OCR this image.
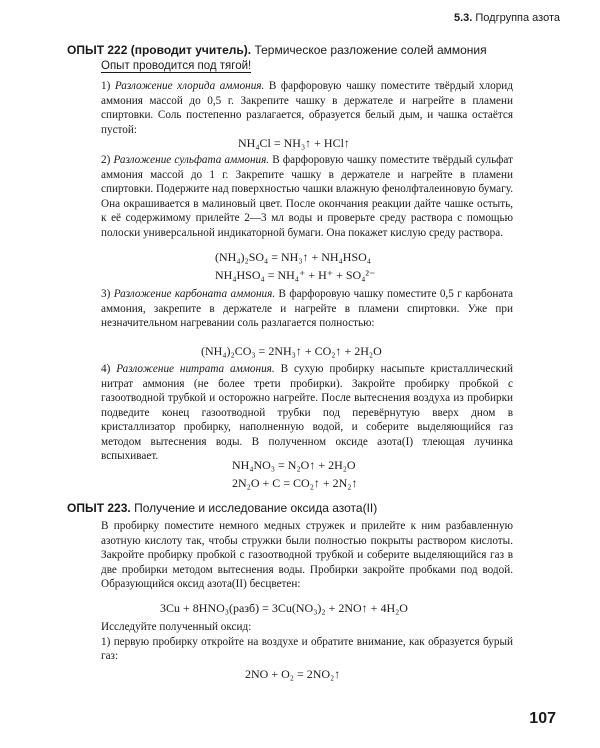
5.3. Подгруппа азота
ОПЫТ 222 (проводит учитель). Термическое разложение солей аммония
Опыт проводится под тягой!

1) Разложение хлорида аммония. В фарфоровую чашку поместите твёрдый хлорид аммония массой до 0,5 г. Закрепите чашку в держателе и нагрейте в пламени спиртовки. Соль постепенно разлагается, образуется белый дым, и чашка остаётся пустой:

NH₄Cl = NH₃↑ + HCl↑

2) Разложение сульфата аммония. В фарфоровую чашку поместите твёрдый сульфат аммония массой до 1 г. Закрепите чашку в держателе и нагрейте в пламени спиртовки. Подержите над поверхностью чашки влажную фенолфталеиновую бумагу. Она окрашивается в малиновый цвет. После окончания реакции дайте чашке остыть, к её содержимому прилейте 2—3 мл воды и проверьте среду раствора с помощью полоски универсальной индикаторной бумаги. Она покажет кислую среду раствора.

(NH₄)₂SO₄ = NH₃↑ + NH₄HSO₄
NH₄HSO₄ = NH₄⁺ + H⁺ + SO₄²⁻

3) Разложение карбоната аммония. В фарфоровую чашку поместите 0,5 г карбоната аммония, закрепите в держателе и нагрейте в пламени спиртовки. Уже при незначительном нагревании соль разлагается полностью:

(NH₄)₂CO₃ = 2NH₃↑ + CO₂↑ + 2H₂O

4) Разложение нитрата аммония. В сухую пробирку насыпьте кристаллический нитрат аммония (не более трети пробирки). Закройте пробирку пробкой с газоотводной трубкой и осторожно нагрейте. После вытеснения воздуха из пробирки подведите конец газоотводной трубки под перевёрнутую вверх дном в кристаллизатор пробирку, наполненную водой, и соберите выделяющийся газ методом вытеснения воды. В полученном оксиде азота(I) тлеющая лучинка вспыхивает.

NH₄NO₃ = N₂O↑ + 2H₂O
2N₂O + C = CO₂↑ + 2N₂↑
ОПЫТ 223. Получение и исследование оксида азота(II)

В пробирку поместите немного медных стружек и прилейте к ним разбавленную азотную кислоту так, чтобы стружки были полностью покрыты раствором кислоты. Закройте пробирку пробкой с газоотводной трубкой и соберите выделяющийся газ в две пробирки методом вытеснения воды. Пробирки закройте пробками под водой. Образующийся оксид азота(II) бесцветен:

3Cu + 8HNO₃(разб) = 3Cu(NO₃)₂ + 2NO↑ + 4H₂O

Исследуйте полученный оксид:

1) первую пробирку откройте на воздухе и обратите внимание, как образуется бурый газ:

2NO + O₂ = 2NO₂↑
107
